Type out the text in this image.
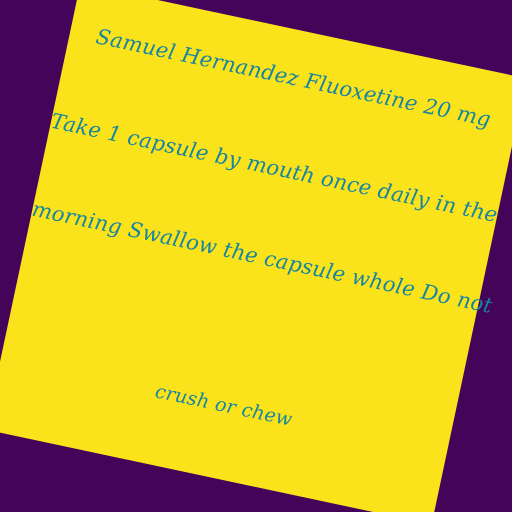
Samuel Hernandez Fluoxetine 20 mg
Take 1 capsule by mouth once daily in the
morning Swallow the capsule whole Do not
crush or chew
